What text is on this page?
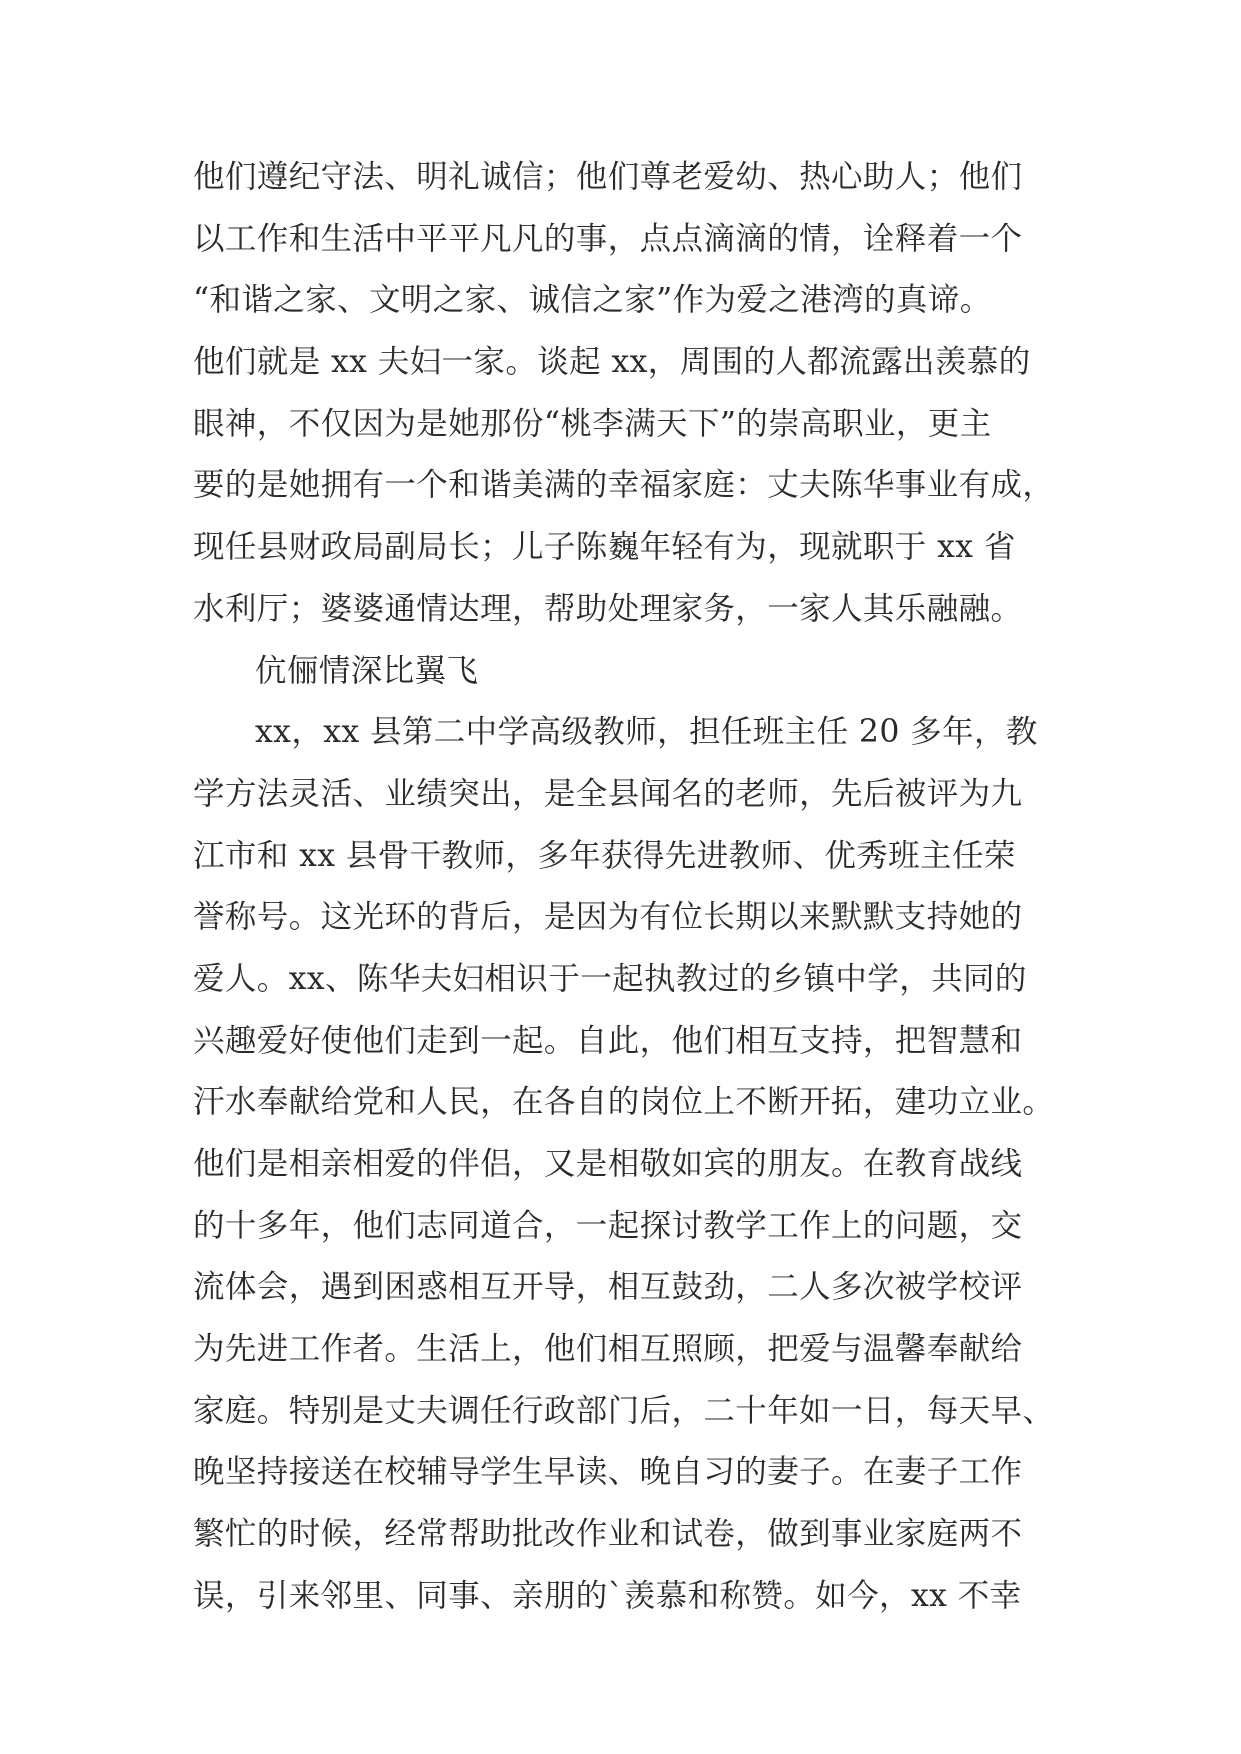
他们遵纪守法、明礼诚信；他们尊老爱幼、热心助人；他们
以工作和生活中平平凡凡的事，点点滴滴的情，诠释着一个
“和谐之家、文明之家、诚信之家”作为爱之港湾的真谛。
他们就是 xx 夫妇一家。谈起 xx，周围的人都流露出羡慕的
眼神，不仅因为是她那份“桃李满天下”的崇高职业，更主
要的是她拥有一个和谐美满的幸福家庭：丈夫陈华事业有成，
现任县财政局副局长；儿子陈巍年轻有为，现就职于 xx 省
水利厅；婆婆通情达理，帮助处理家务，一家人其乐融融。
伉俪情深比翼飞
xx，xx 县第二中学高级教师，担任班主任 20 多年，教
学方法灵活、业绩突出，是全县闻名的老师，先后被评为九
江市和 xx 县骨干教师，多年获得先进教师、优秀班主任荣
誉称号。这光环的背后，是因为有位长期以来默默支持她的
爱人。xx、陈华夫妇相识于一起执教过的乡镇中学，共同的
兴趣爱好使他们走到一起。自此，他们相互支持，把智慧和
汗水奉献给党和人民，在各自的岗位上不断开拓，建功立业。
他们是相亲相爱的伴侣，又是相敬如宾的朋友。在教育战线
的十多年，他们志同道合，一起探讨教学工作上的问题，交
流体会，遇到困惑相互开导，相互鼓劲，二人多次被学校评
为先进工作者。生活上，他们相互照顾，把爱与温馨奉献给
家庭。特别是丈夫调任行政部门后，二十年如一日，每天早、
晚坚持接送在校辅导学生早读、晚自习的妻子。在妻子工作
繁忙的时候，经常帮助批改作业和试卷，做到事业家庭两不
误，引来邻里、同事、亲朋的`羡慕和称赞。如今，xx 不幸
